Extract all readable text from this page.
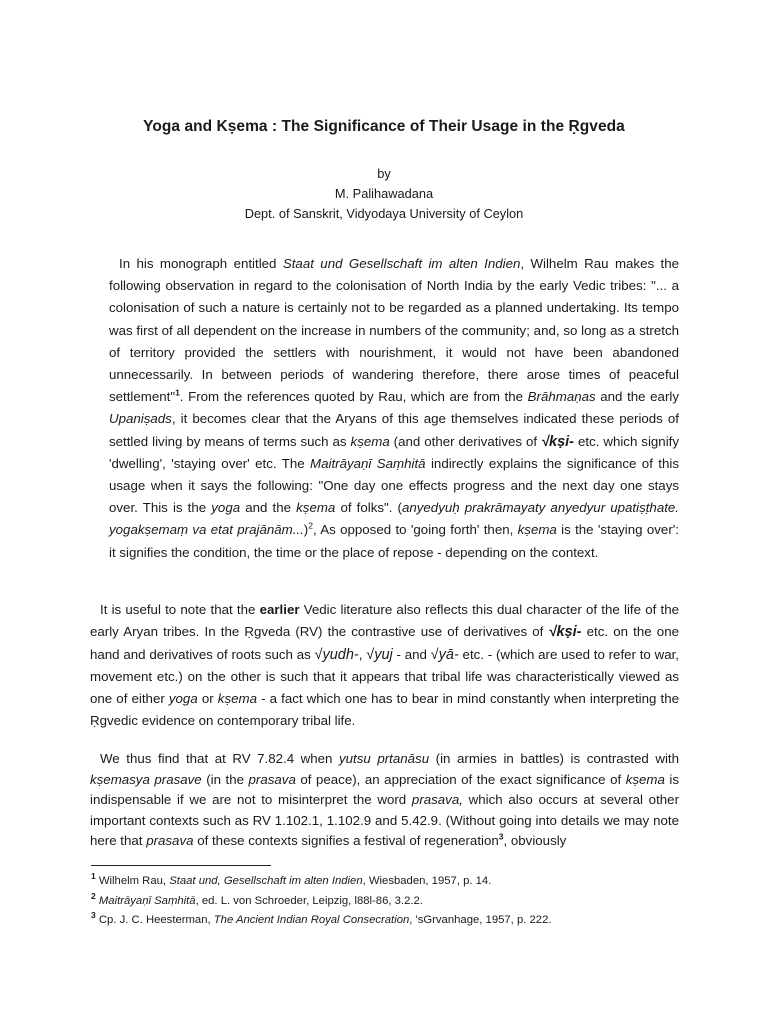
Yoga and Kṣema : The Significance of Their Usage in the Ṛgveda
by
M. Palihawadana
Dept. of Sanskrit, Vidyodaya University of Ceylon
In his monograph entitled Staat und Gesellschaft im alten Indien, Wilhelm Rau makes the following observation in regard to the colonisation of North India by the early Vedic tribes: "... a colonisation of such a nature is certainly not to be regarded as a planned undertaking. Its tempo was first of all dependent on the increase in numbers of the community; and, so long as a stretch of territory provided the settlers with nourishment, it would not have been abandoned unnecessarily. In between periods of wandering therefore, there arose times of peaceful settlement"$^1$. From the references quoted by Rau, which are from the Brāhmaṇas and the early Upaniṣads, it becomes clear that the Aryans of this age themselves indicated these periods of settled living by means of terms such as kṣema (and other derivatives of √kṣi- etc. which signify 'dwelling', 'staying over' etc. The Maitrāyaṇī Saṃhitā indirectly explains the significance of this usage when it says the following: "One day one effects progress and the next day one stays over. This is the yoga and the kṣema of folks". (anyedyuḥ prakrāmayaty anyedyur upatiṣṭhate. yogakṣemaṃ va etat prajānām...)$^2$, As opposed to 'going forth' then, kṣema is the 'staying over': it signifies the condition, the time or the place of repose - depending on the context.
It is useful to note that the earlier Vedic literature also reflects this dual character of the life of the early Aryan tribes. In the Ṛgveda (RV) the contrastive use of derivatives of √kṣi- etc. on the one hand and derivatives of roots such as √yudh-, √yuj - and √yā- etc. - (which are used to refer to war, movement etc.) on the other is such that it appears that tribal life was characteristically viewed as one of either yoga or kṣema - a fact which one has to bear in mind constantly when interpreting the Ṛgvedic evidence on contemporary tribal life.
We thus find that at RV 7.82.4 when yutsu prtanāsu (in armies in battles) is contrasted with kṣemasya prasave (in the prasava of peace), an appreciation of the exact significance of kṣema is indispensable if we are not to misinterpret the word prasava, which also occurs at several other important contexts such as RV 1.102.1, 1.102.9 and 5.42.9. (Without going into details we may note here that prasava of these contexts signifies a festival of regeneration$^3$, obviously
$^1$ Wilhelm Rau, Staat und, Gesellschaft im alten Indien, Wiesbaden, 1957, p. 14.
$^2$ Maitrāyaṇī Saṃhitā, ed. L. von Schroeder, Leipzig, l88l-86, 3.2.2.
$^3$ Cp. J. C. Heesterman, The Ancient Indian Royal Consecration, 'sGrvanhage, 1957, p. 222.
